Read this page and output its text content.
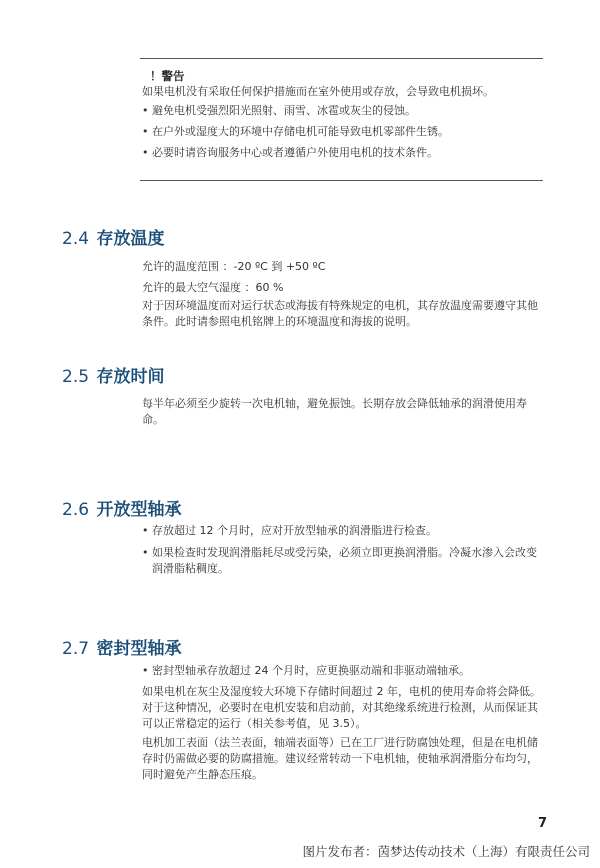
！警告
如果电机没有采取任何保护措施而在室外使用或存放，会导致电机损坏。
• 避免电机受强烈阳光照射、雨雪、冰雹或灰尘的侵蚀。
• 在户外或湿度大的环境中存储电机可能导致电机零部件生锈。
• 必要时请咨询服务中心或者遵循户外使用电机的技术条件。
2.4 存放温度
允许的温度范围 ：-20 ºC 到 +50 ºC
允许的最大空气湿度 ：60 %
对于因环境温度而对运行状态或海拔有特殊规定的电机，其存放温度需要遵守其他条件。此时请参照电机铭牌上的环境温度和海拔的说明。
2.5 存放时间
每半年必须至少旋转一次电机轴，避免振蚀。长期存放会降低轴承的润滑使用寿命。
2.6 开放型轴承
• 存放超过 12 个月时，应对开放型轴承的润滑脂进行检查。
• 如果检查时发现润滑脂耗尽或受污染，必须立即更换润滑脂。冷凝水渗入会改变润滑脂粘稠度。
2.7 密封型轴承
• 密封型轴承存放超过 24 个月时，应更换驱动端和非驱动端轴承。
如果电机在灰尘及湿度较大环境下存储时间超过 2 年，电机的使用寿命将会降低。对于这种情况，必要时在电机安装和启动前，对其绝缘系统进行检测，从而保证其可以正常稳定的运行（相关参考值，见 3.5）。
电机加工表面（法兰表面，轴端表面等）已在工厂进行防腐蚀处理，但是在电机储存时仍需做必要的防腐措施。建议经常转动一下电机轴，使轴承润滑脂分布均匀，同时避免产生静态压痕。
7
图片发布者：茵梦达传动技术（上海）有限责任公司
